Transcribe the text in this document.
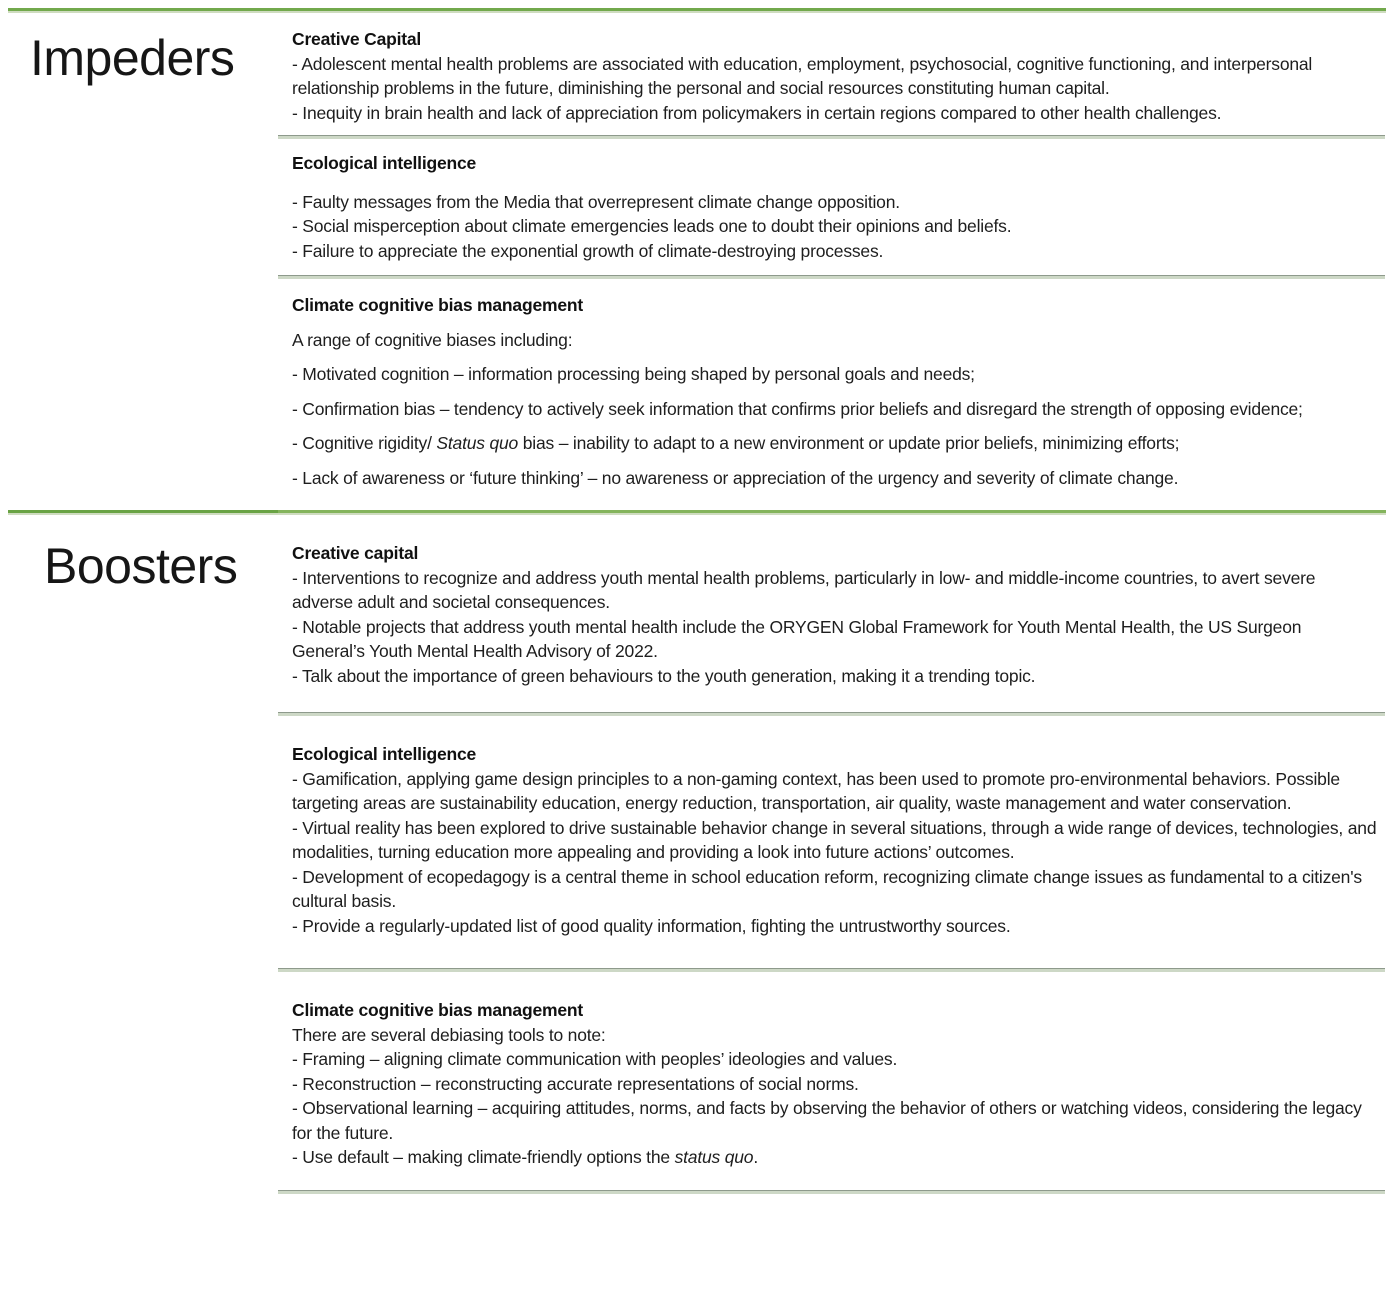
Impeders	Creative Capital

- Adolescent mental health problems are associated with education, employment, psychosocial, cognitive functioning, and interpersonal relationship problems in the future, diminishing the personal and social resources constituting human capital.

- Inequity in brain health and lack of appreciation from policymakers in certain regions compared to other health challenges.

Ecological intelligence

- Faulty messages from the Media that overrepresent climate change opposition.

- Social misperception about climate emergencies leads one to doubt their opinions and beliefs.

- Failure to appreciate the exponential growth of climate-destroying processes.

Climate cognitive bias management

A range of cognitive biases including:

- Motivated cognition – information processing being shaped by personal goals and needs;

- Confirmation bias – tendency to actively seek information that confirms prior beliefs and disregard the strength of opposing evidence;

- Cognitive rigidity/ Status quo bias – inability to adapt to a new environment or update prior beliefs, minimizing efforts;

- Lack of awareness or ‘future thinking’ – no awareness or appreciation of the urgency and severity of climate change.

Boosters	Creative capital

- Interventions to recognize and address youth mental health problems, particularly in low- and middle-income countries, to avert severe adverse adult and societal consequences.

- Notable projects that address youth mental health include the ORYGEN Global Framework for Youth Mental Health, the US Surgeon General’s Youth Mental Health Advisory of 2022.

- Talk about the importance of green behaviours to the youth generation, making it a trending topic.

Ecological intelligence

- Gamification, applying game design principles to a non-gaming context, has been used to promote pro-environmental behaviors. Possible targeting areas are sustainability education, energy reduction, transportation, air quality, waste management and water conservation.

- Virtual reality has been explored to drive sustainable behavior change in several situations, through a wide range of devices, technologies, and modalities, turning education more appealing and providing a look into future actions’ outcomes.

- Development of ecopedagogy is a central theme in school education reform, recognizing climate change issues as fundamental to a citizen's cultural basis.

- Provide a regularly-updated list of good quality information, fighting the untrustworthy sources.

Climate cognitive bias management

There are several debiasing tools to note:

- Framing – aligning climate communication with peoples’ ideologies and values.

- Reconstruction – reconstructing accurate representations of social norms.

- Observational learning – acquiring attitudes, norms, and facts by observing the behavior of others or watching videos, considering the legacy for the future.

- Use default – making climate-friendly options the status quo.
